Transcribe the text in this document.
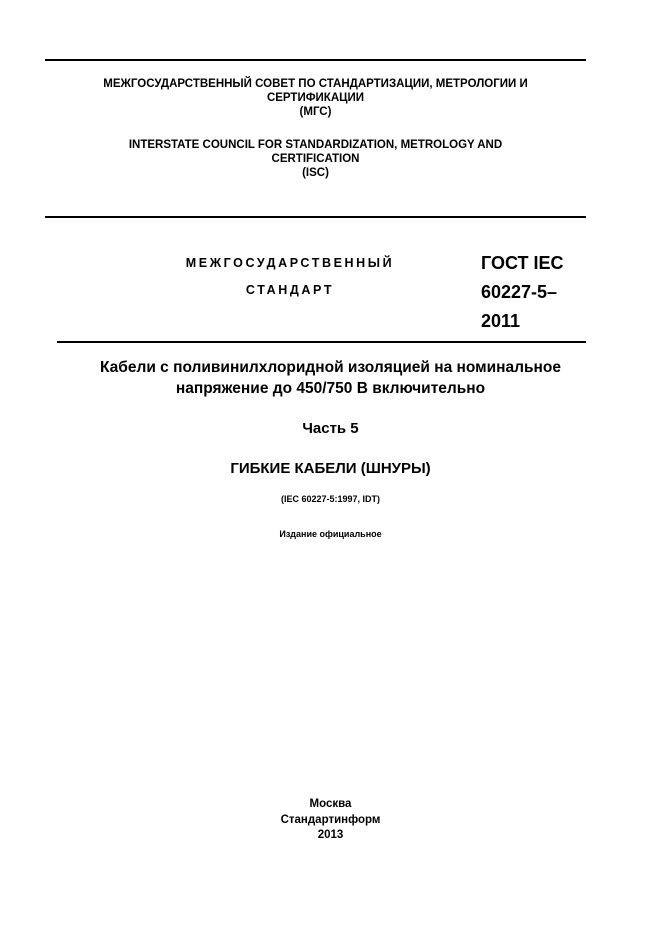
МЕЖГОСУДАРСТВЕННЫЙ СОВЕТ ПО СТАНДАРТИЗАЦИИ, МЕТРОЛОГИИ И
СЕРТИФИКАЦИИ
(МГС)
INTERSTATE COUNCIL FOR STANDARDIZATION, METROLOGY AND
CERTIFICATION
(ISC)
МЕЖГОСУДАРСТВЕННЫЙ
СТАНДАРТ
ГОСТ IEC
60227-5–
2011
Кабели с поливинилхлоридной изоляцией на номинальное
напряжение до 450/750 В включительно
Часть 5
ГИБКИЕ КАБЕЛИ (ШНУРЫ)
(IEC 60227-5:1997, IDT)
Издание официальное
Москва
Стандартинформ
2013
